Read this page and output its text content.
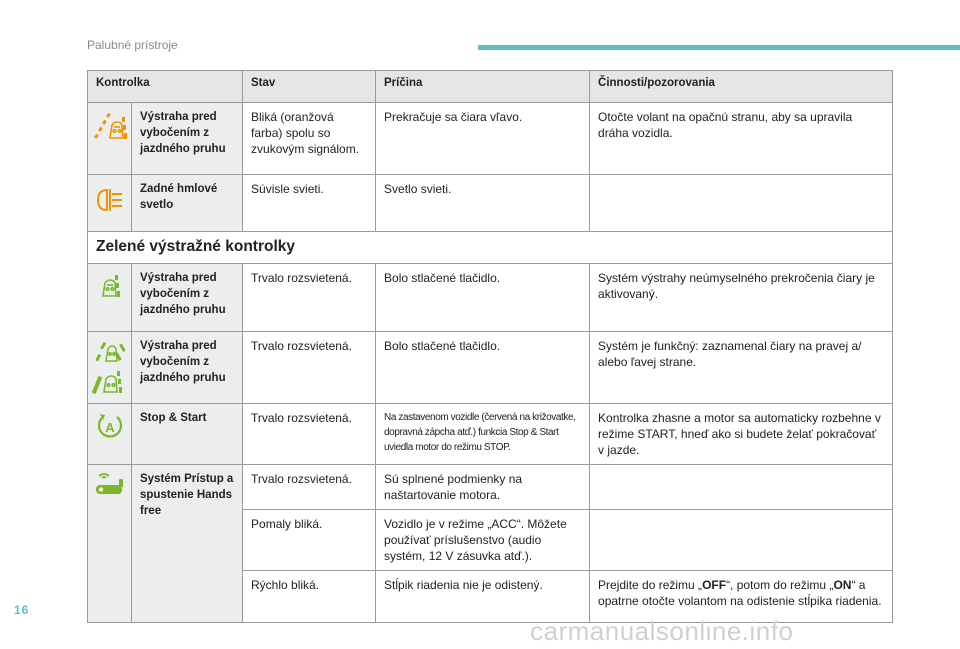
Palubné prístroje
Kontrolka		Stav	Príčina	Činnosti/pozorovania

	Výstraha pred vybočením z jazdného pruhu	Bliká (oranžová farba) spolu so zvukovým signálom.	Prekračuje sa čiara vľavo.	Otočte volant na opačnú stranu, aby sa upravila dráha vozidla.

	Zadné hmlové svetlo	Súvisle svieti.	Svetlo svieti.	
Zelené výstražné kontrolky				

	Výstraha pred vybočením z jazdného pruhu	Trvalo rozsvietená.	Bolo stlačené tlačidlo.	Systém výstrahy neúmyselného prekročenia čiary je aktivovaný.

	Výstraha pred vybočením z jazdného pruhu	Trvalo rozsvietená.	Bolo stlačené tlačidlo.	Systém je funkčný: zaznamenal čiary na pravej a/ alebo ľavej strane.

A	Stop & Start	Trvalo rozsvietená.	Na zastavenom vozidle (červená na križovatke, dopravná zápcha atď.) funkcia Stop & Start uviedla motor do režimu STOP.	Kontrolka zhasne a motor sa automaticky rozbehne v režime START, hneď ako si budete želať pokračovať v jazde.

	Systém Prístup a spustenie Hands free	Trvalo rozsvietená.	Sú splnené podmienky na naštartovanie motora.	
		Pomaly bliká.	Vozidlo je v režime „ACC“. Môžete používať príslušenstvo (audio systém, 12 V zásuvka atď.).	
		Rýchlo bliká.	Stĺpik riadenia nie je odistený.	Prejdite do režimu „OFF“, potom do režimu „ON“ a opatrne otočte volantom na odistenie stĺpika riadenia.
16
carmanualsonline.info
